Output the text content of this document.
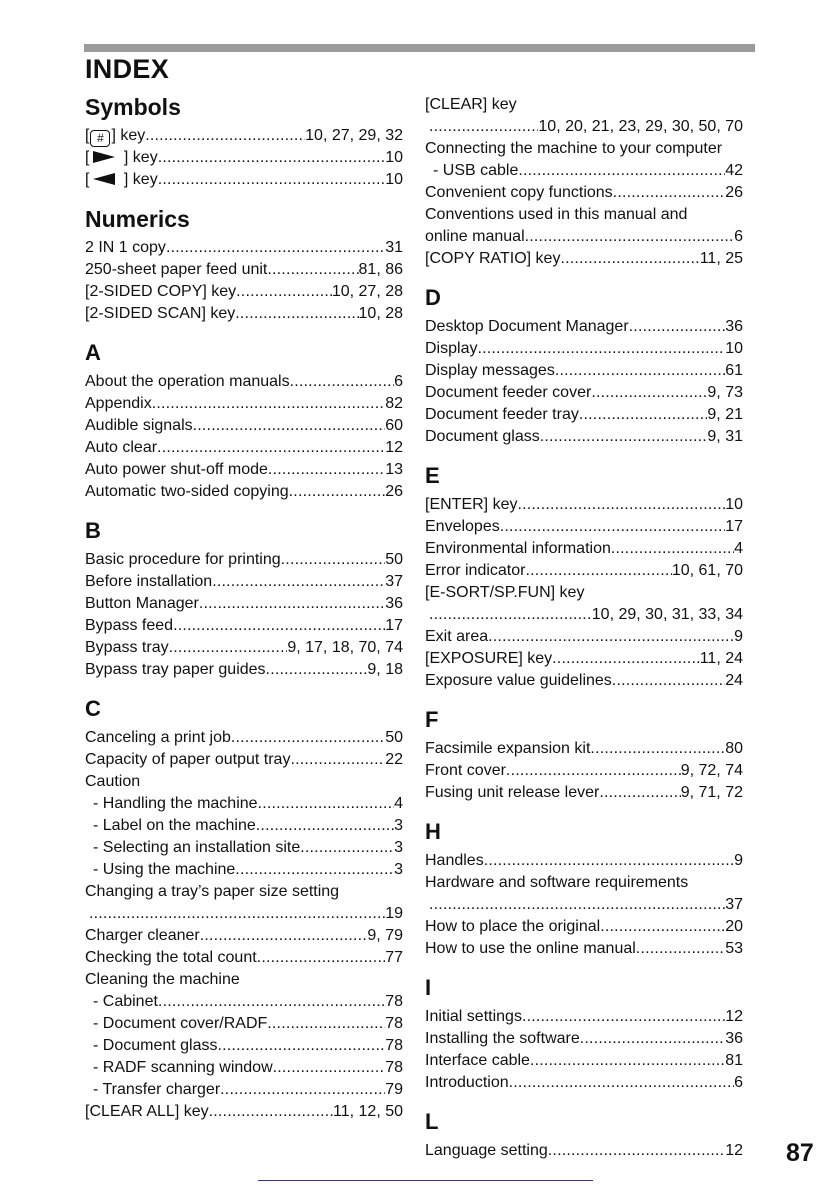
INDEX
Symbols
[ # ] key .....	10, 27, 29, 32
[ ] key .....	10
[ ] key .....	10
Numerics
2 IN 1 copy .....	31
250-sheet paper feed unit .....	81, 86
[2-SIDED COPY] key .....	10, 27, 28
[2-SIDED SCAN] key .....	10, 28
A
About the operation manuals .....	6
Appendix .....	82
Audible signals .....	60
Auto clear .....	12
Auto power shut-off mode .....	13
Automatic two-sided copying .....	26
B
Basic procedure for printing .....	50
Before installation .....	37
Button Manager .....	36
Bypass feed .....	17
Bypass tray .....	9, 17, 18, 70, 74
Bypass tray paper guides .....	9, 18
C
Canceling a print job .....	50
Capacity of paper output tray .....	22
Caution
- Handling the machine .....	4
- Label on the machine .....	3
- Selecting an installation site .....	3
- Using the machine .....	3
Changing a tray’s paper size setting
.....
19
Charger cleaner .....	9, 79
Checking the total count .....	77
Cleaning the machine
- Cabinet .....	78
- Document cover/RADF .....	78
- Document glass .....	78
- RADF scanning window .....	78
- Transfer charger .....	79
[CLEAR ALL] key .....	11, 12, 50
[CLEAR] key
.....
10, 20, 21, 23, 29, 30, 50, 70
Connecting the machine to your computer
- USB cable .....	42
Convenient copy functions .....	26
Conventions used in this manual and
online manual .....	6
[COPY RATIO] key .....	11, 25
D
Desktop Document Manager .....	36
Display .....	10
Display messages .....	61
Document feeder cover .....	9, 73
Document feeder tray .....	9, 21
Document glass .....	9, 31
E
[ENTER] key .....	10
Envelopes .....	17
Environmental information .....	4
Error indicator .....	10, 61, 70
[E-SORT/SP.FUN] key
.....
10, 29, 30, 31, 33, 34
Exit area .....	9
[EXPOSURE] key .....	11, 24
Exposure value guidelines .....	24
F
Facsimile expansion kit .....	80
Front cover .....	9, 72, 74
Fusing unit release lever .....	9, 71, 72
H
Handles .....	9
Hardware and software requirements
.....
37
How to place the original .....	20
How to use the online manual .....	53
I
Initial settings .....	12
Installing the software .....	36
Interface cable .....	81
Introduction .....	6
L
Language setting .....	12 87
